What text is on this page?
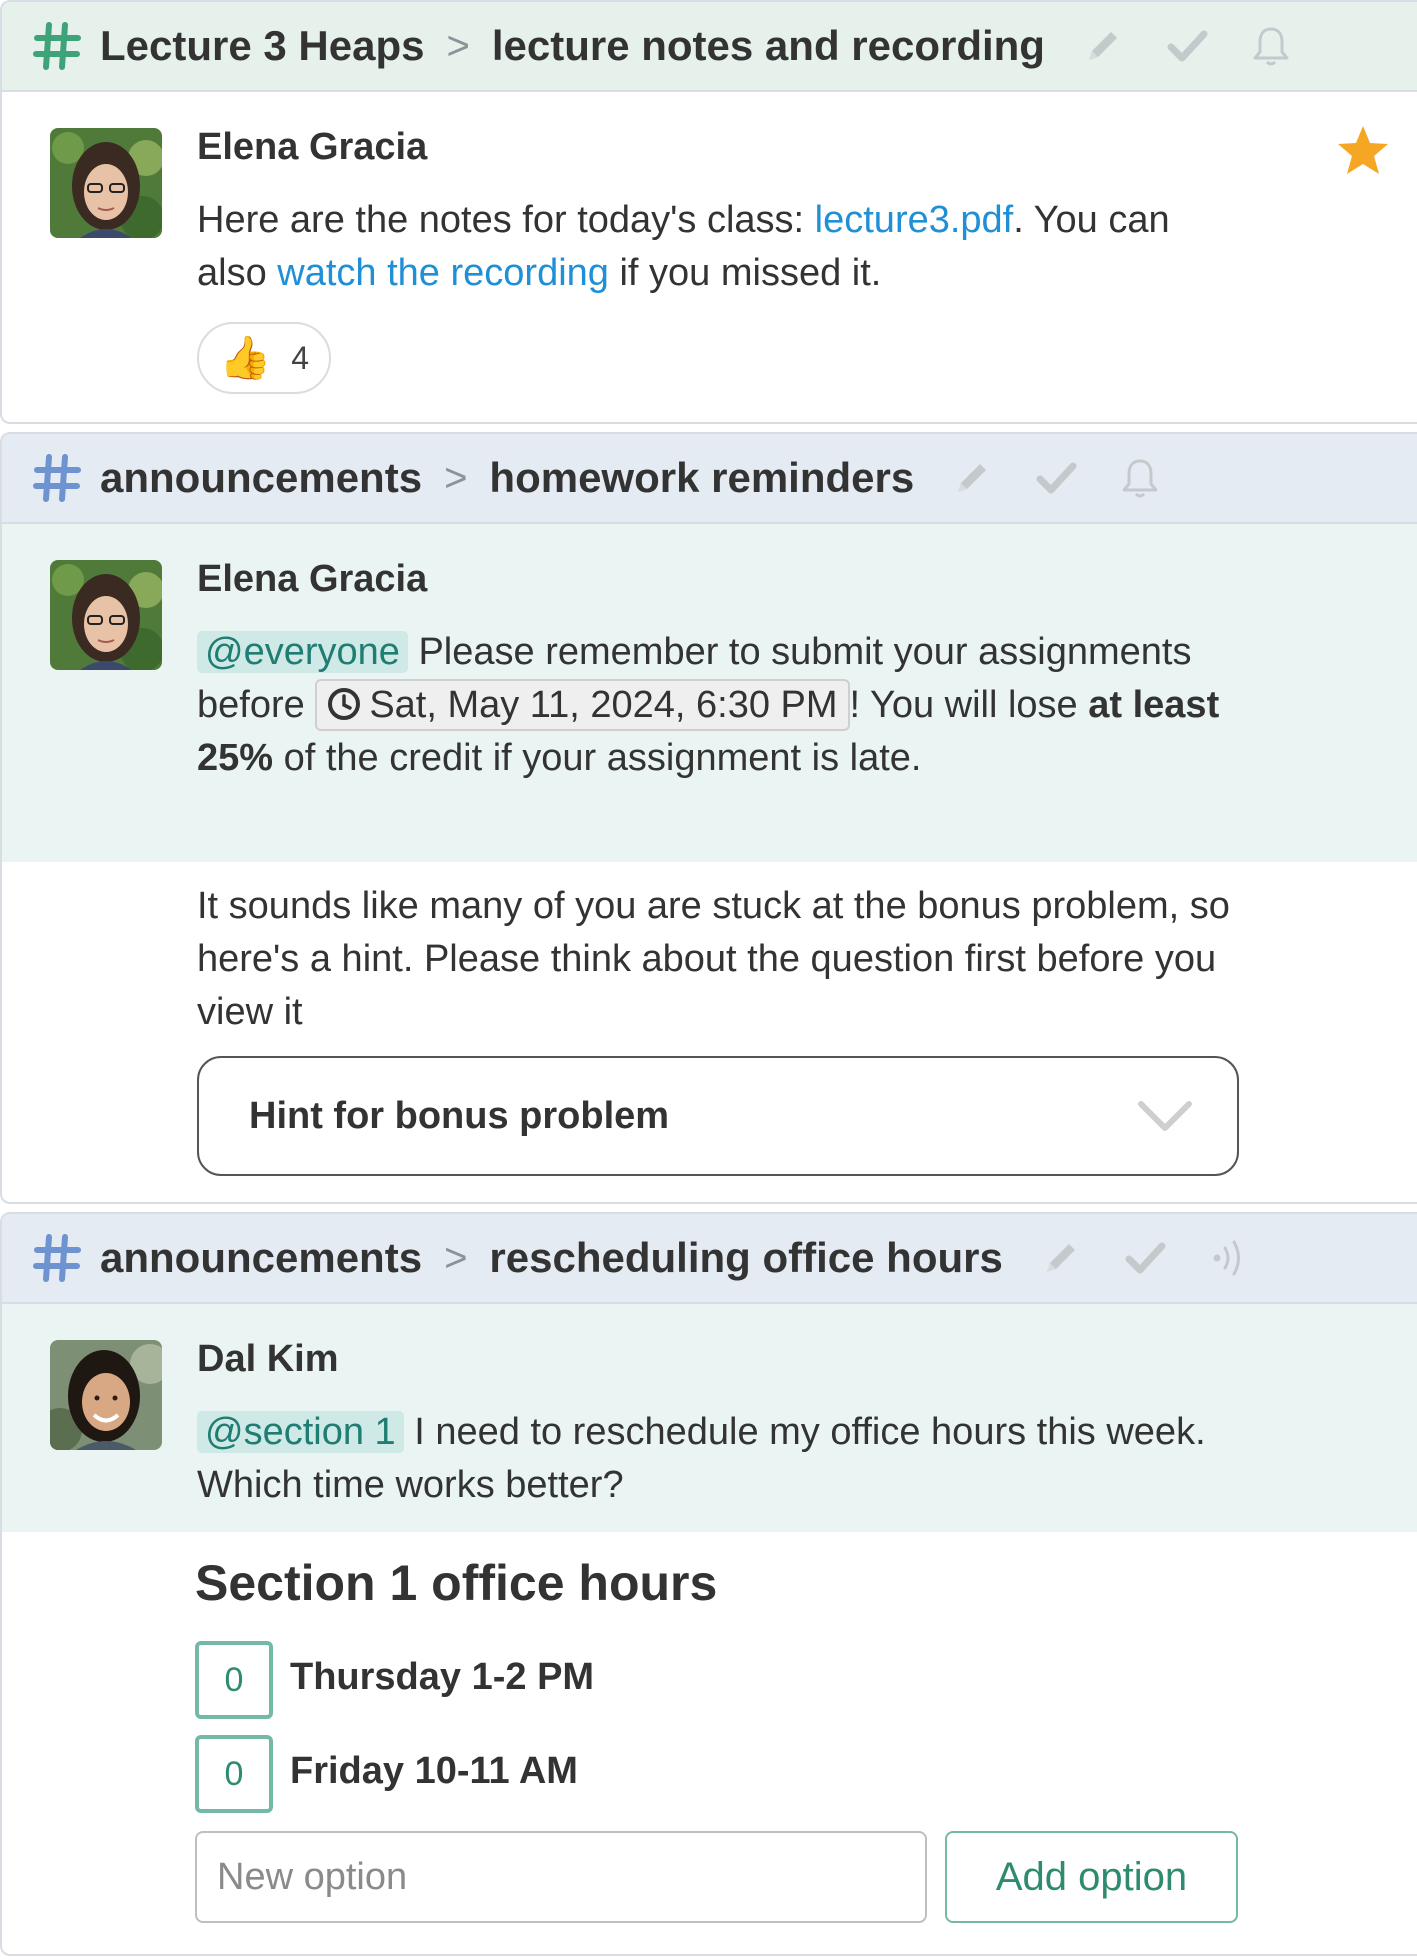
Lecture 3 Heaps > lecture notes and recording
Elena Gracia
Here are the notes for today's class: lecture3.pdf. You can also watch the recording if you missed it.
👍 4
announcements > homework reminders
Elena Gracia
@everyone Please remember to submit your assignments before Sat, May 11, 2024, 6:30 PM ! You will lose at least 25% of the credit if your assignment is late.
It sounds like many of you are stuck at the bonus problem, so here's a hint. Please think about the question first before you view it
Hint for bonus problem
announcements > rescheduling office hours
Dal Kim
@section 1 I need to reschedule my office hours this week. Which time works better?
Section 1 office hours
0	Thursday 1-2 PM
0	Friday 10-11 AM
New option
Add option
